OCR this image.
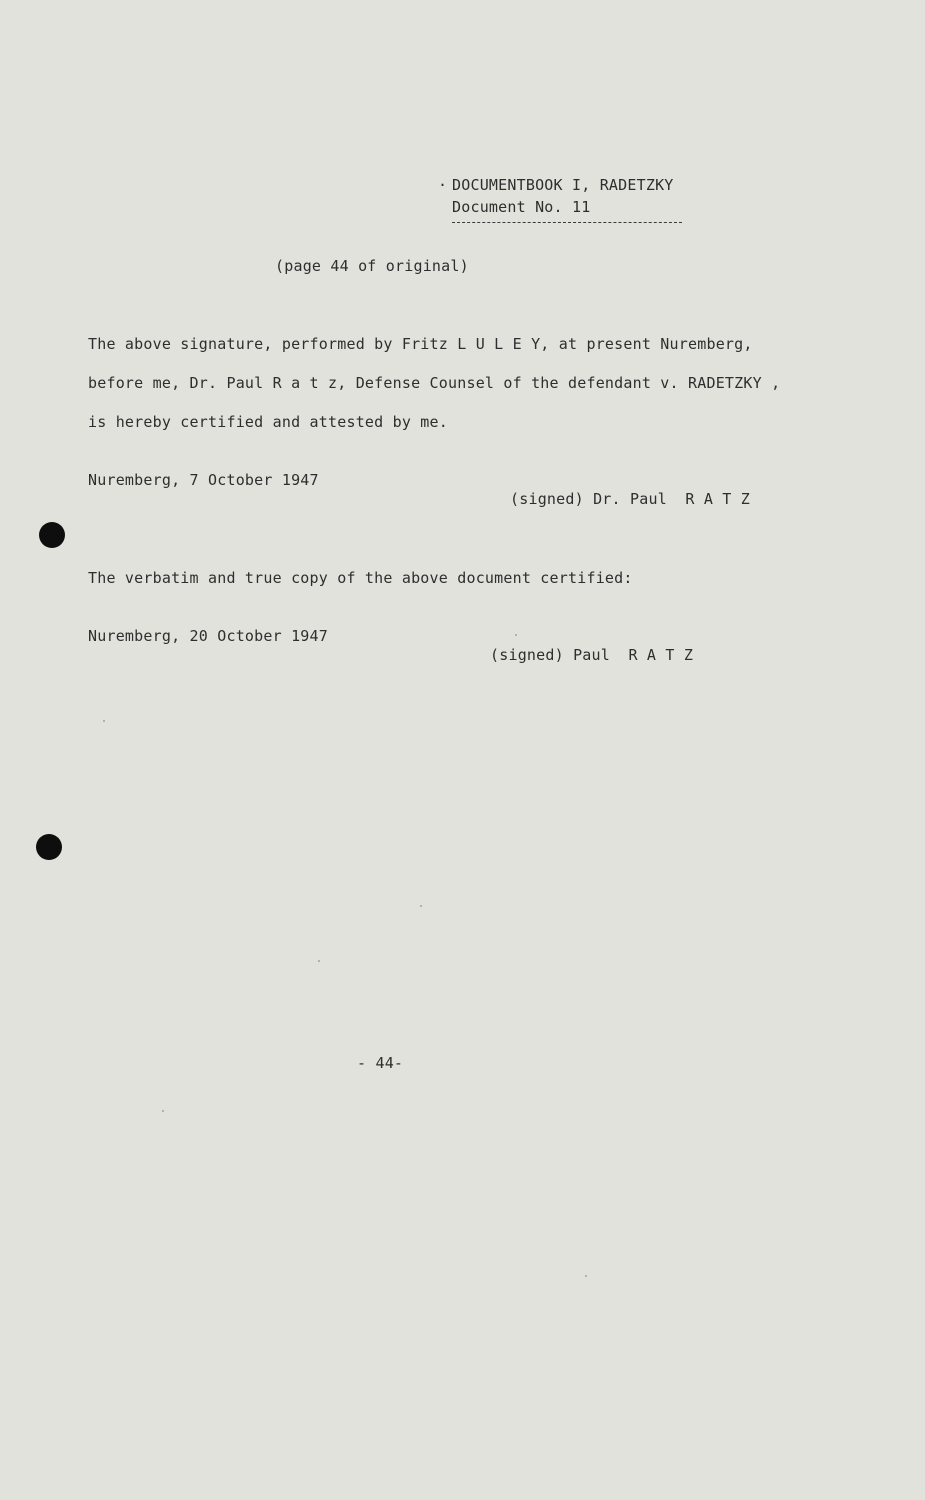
· DOCUMENTBOOK I, RADETZKY
Document No. 11
(page 44 of original)
The above signature, performed by Fritz L U L E Y, at present Nuremberg,
before me, Dr. Paul R a t z, Defense Counsel of the defendant v. RADETZKY ,
is hereby certified and attested by me.
Nuremberg, 7 October 1947
(signed) Dr. Paul  R A T Z
The verbatim and true copy of the above document certified:
Nuremberg, 20 October 1947
(signed) Paul  R A T Z
- 44-
